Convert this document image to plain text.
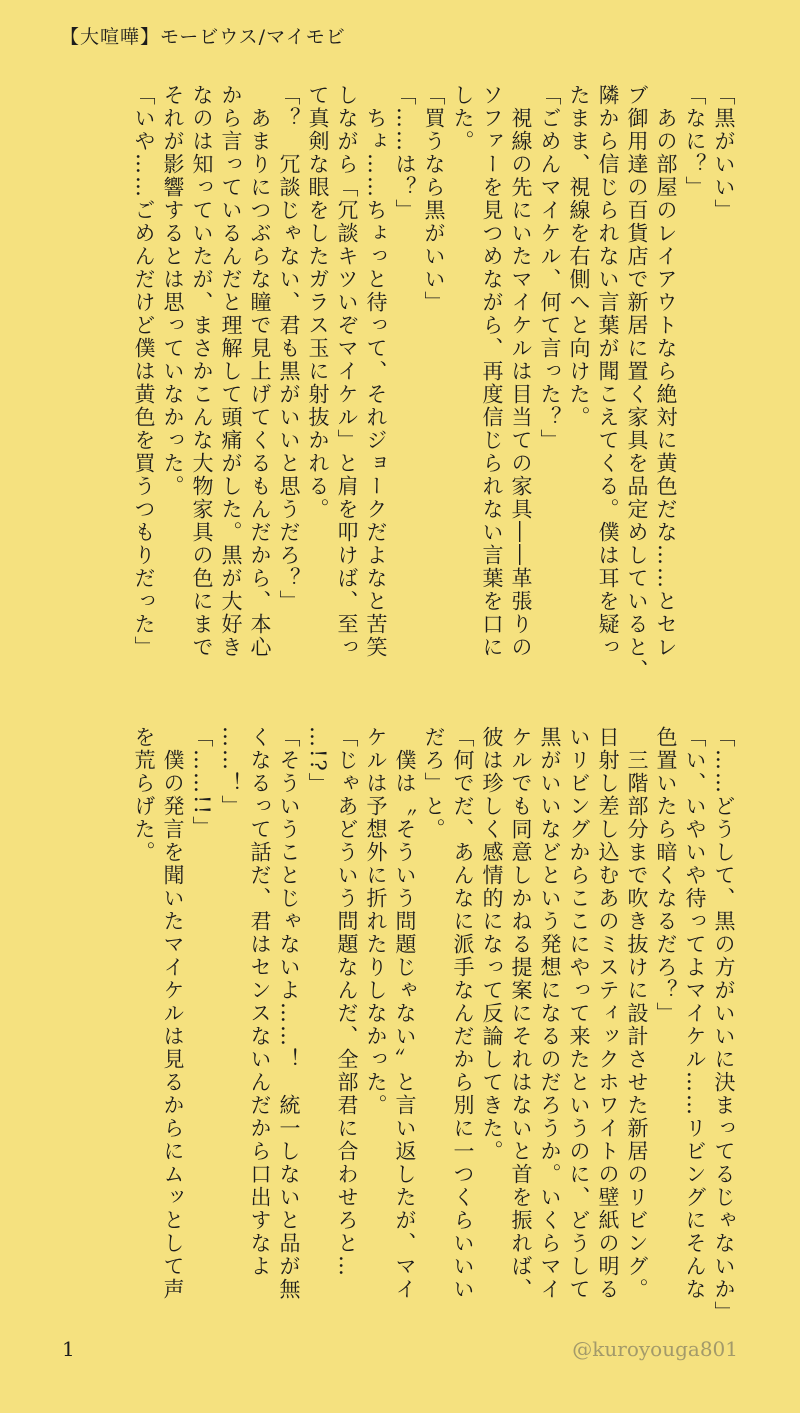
【大喧嘩】モービウス/マイモビ
「黒がいい」
「なに？」
　あの部屋のレイアウトなら絶対に黄色だな……とセレ
ブ御用達の百貨店で新居に置く家具を品定めしていると、
隣から信じられない言葉が聞こえてくる。僕は耳を疑っ
たまま、視線を右側へと向けた。
「ごめんマイケル、何て言った？」
　視線の先にいたマイケルは目当ての家具――革張りの
ソファーを見つめながら、再度信じられない言葉を口に
した。
「買うなら黒がいい」
「……は？」
　ちょ……ちょっと待って、それジョークだよなと苦笑
しながら「冗談キツいぞマイケル」と肩を叩けば、至っ
て真剣な眼をしたガラス玉に射抜かれる。
「？　冗談じゃない、君も黒がいいと思うだろ？」
　あまりにつぶらな瞳で見上げてくるもんだから、本心
から言っているんだと理解して頭痛がした。黒が大好き
なのは知っていたが、まさかこんな大物家具の色にまで
それが影響するとは思っていなかった。
「いや……ごめんだけど僕は黄色を買うつもりだった」
「……どうして、黒の方がいいに決まってるじゃないか」
「い、いやいや待ってよマイケル……リビングにそんな
色置いたら暗くなるだろ？」
　三階部分まで吹き抜けに設計させた新居のリビング。
日射し差し込むあのミスティックホワイトの壁紙の明る
いリビングからここにやって来たというのに、どうして
黒がいいなどという発想になるのだろうか。いくらマイ
ケルでも同意しかねる提案にそれはないと首を振れば、
彼は珍しく感情的になって反論してきた。
「何でだ、あんなに派手なんだから別に一つくらいいい
だろ」と。
　僕は〝そういう問題じゃない〟と言い返したが、マイ
ケルは予想外に折れたりしなかった。
「じゃあどういう問題なんだ、全部君に合わせろと…
…!?」
「そういうことじゃないよ……！　統一しないと品が無
くなるって話だ、君はセンスないんだから口出すなよ
……！」
「……!!」
　僕の発言を聞いたマイケルは見るからにムッとして声
を荒らげた。
1	@kuroyouga801
